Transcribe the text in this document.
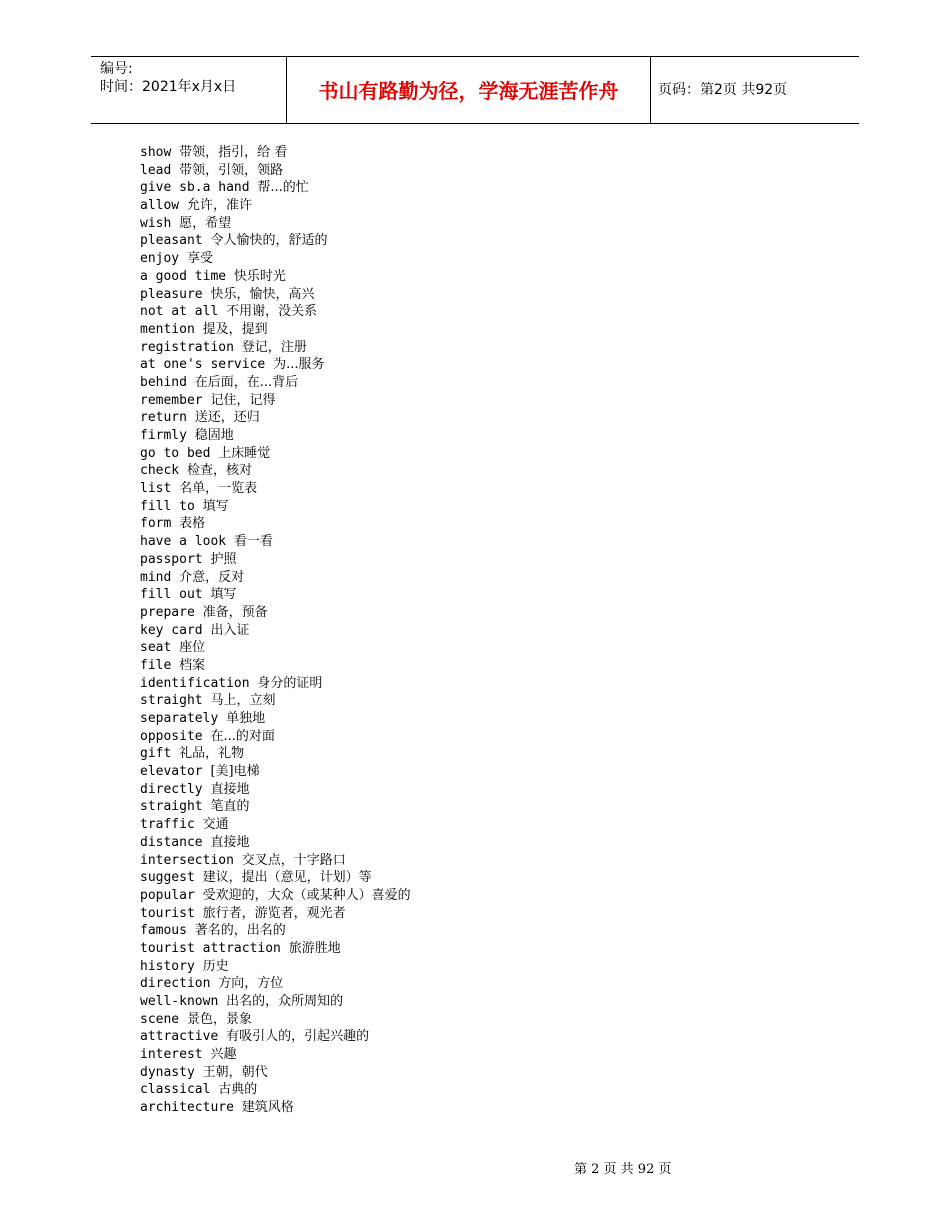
编号:
时间：2021年x月x日	书山有路勤为径，学海无涯苦作舟	页码：第2页 共92页
show 带领，指引，给 看
lead 带领，引领，领路
give sb.a hand 帮...的忙
allow 允许，准许
wish 愿，希望
pleasant 令人愉快的，舒适的
enjoy 享受
a good time 快乐时光
pleasure 快乐，愉快，高兴
not at all 不用谢，没关系
mention 提及，提到
registration 登记，注册
at one's service 为...服务
behind 在后面，在...背后
remember 记住，记得
return 送还，还归
firmly 稳固地
go to bed 上床睡觉
check 检查，核对
list 名单，一览表
fill to 填写
form 表格
have a look 看一看
passport 护照
mind 介意，反对
fill out 填写
prepare 准备，预备
key card 出入证
seat 座位
file 档案
identification 身分的证明
straight 马上，立刻
separately 单独地
opposite 在...的对面
gift 礼品，礼物
elevator [美]电梯
directly 直接地
straight 笔直的
traffic 交通
distance 直接地
intersection 交叉点，十字路口
suggest 建议，提出（意见，计划）等
popular 受欢迎的，大众（或某种人）喜爱的
tourist 旅行者，游览者，观光者
famous 著名的，出名的
tourist attraction 旅游胜地
history 历史
direction 方向，方位
well-known 出名的，众所周知的
scene 景色，景象
attractive 有吸引人的，引起兴趣的
interest 兴趣
dynasty 王朝，朝代
classical 古典的
architecture 建筑风格
第 2 页 共 92 页
